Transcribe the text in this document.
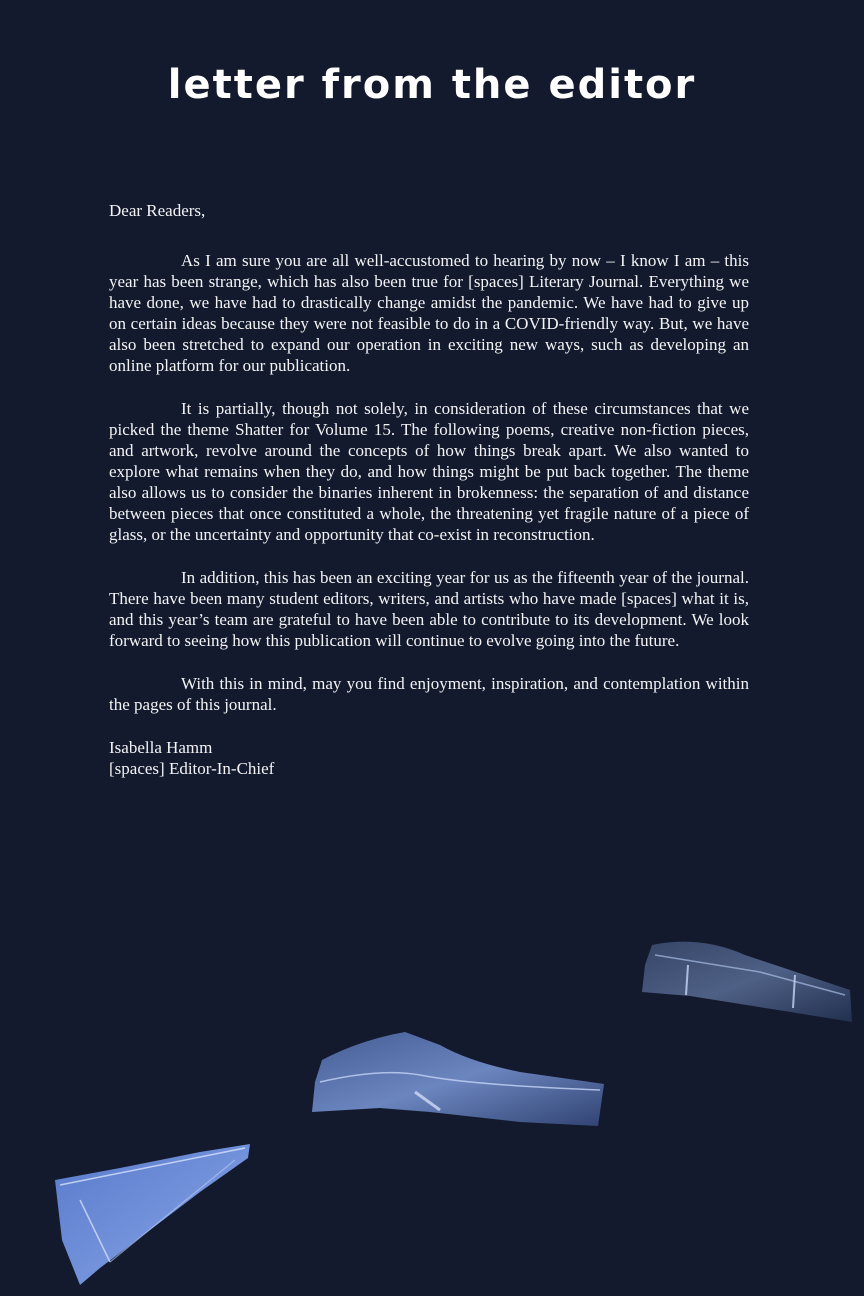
letter from the editor

Dear Readers,

As I am sure you are all well-accustomed to hearing by now – I know I am – this year has been strange, which has also been true for [spaces] Literary Journal. Everything we have done, we have had to drastically change amidst the pandemic. We have had to give up on certain ideas because they were not feasible to do in a COVID-friendly way. But, we have also been stretched to expand our operation in exciting new ways, such as developing an online platform for our publication.

It is partially, though not solely, in consideration of these circumstances that we picked the theme Shatter for Volume 15. The following poems, creative non-fiction pieces, and artwork, revolve around the concepts of how things break apart. We also wanted to explore what remains when they do, and how things might be put back together. The theme also allows us to consider the binaries inherent in brokenness: the separation of and distance between pieces that once constituted a whole, the threatening yet fragile nature of a piece of glass, or the uncertainty and opportunity that co-exist in reconstruction.

In addition, this has been an exciting year for us as the fifteenth year of the journal. There have been many student editors, writers, and artists who have made [spaces] what it is, and this year’s team are grateful to have been able to contribute to its development. We look forward to seeing how this publication will continue to evolve going into the future.

With this in mind, may you find enjoyment, inspiration, and contemplation within the pages of this journal.

Isabella Hamm
[spaces] Editor-In-Chief
